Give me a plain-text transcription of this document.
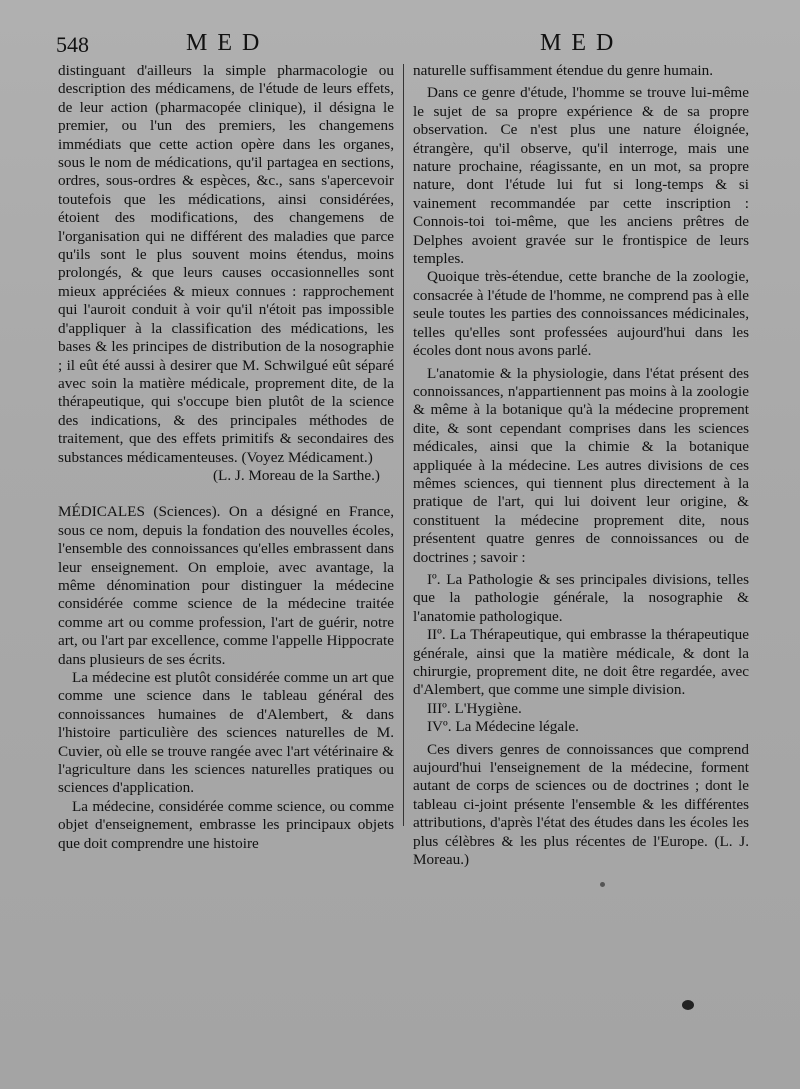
548	MED	MED

distinguant d'ailleurs la simple pharmacologie ou description des médicamens, de l'étude de leurs effets, de leur action (pharmacopée clinique), il désigna le premier, ou l'un des premiers, les changemens immédiats que cette action opère dans les organes, sous le nom de médications, qu'il partagea en sections, ordres, sous-ordres & espèces, &c., sans s'apercevoir toutefois que les médications, ainsi considérées, étoient des modifications, des changemens de l'organisation qui ne différent des maladies que parce qu'ils sont le plus souvent moins étendus, moins prolongés, & que leurs causes occasionnelles sont mieux appréciées & mieux connues : rapprochement qui l'auroit conduit à voir qu'il n'étoit pas impossible d'appliquer à la classification des médications, les bases & les principes de distribution de la nosographie ; il eût été aussi à desirer que M. Schwilgué eût séparé avec soin la matière médicale, proprement dite, de la thérapeutique, qui s'occupe bien plutôt de la science des indications, & des principales méthodes de traitement, que des effets primitifs & secondaires des substances médicamenteuses. (Voyez Médicament.)

(L. J. Moreau de la Sarthe.)

MÉDICALES (Sciences). On a désigné en France, sous ce nom, depuis la fondation des nouvelles écoles, l'ensemble des connoissances qu'elles embrassent dans leur enseignement. On emploie, avec avantage, la même dénomination pour distinguer la médecine considérée comme science de la médecine traitée comme art ou comme profession, l'art de guérir, notre art, ou l'art par excellence, comme l'appelle Hippocrate dans plusieurs de ses écrits.

La médecine est plutôt considérée comme un art que comme une science dans le tableau général des connoissances humaines de d'Alembert, & dans l'histoire particulière des sciences naturelles de M. Cuvier, où elle se trouve rangée avec l'art vétérinaire & l'agriculture dans les sciences naturelles pratiques ou sciences d'application.

La médecine, considérée comme science, ou comme objet d'enseignement, embrasse les principaux objets que doit comprendre une histoire

naturelle suffisamment étendue du genre humain.

Dans ce genre d'étude, l'homme se trouve lui-même le sujet de sa propre expérience & de sa propre observation. Ce n'est plus une nature éloignée, étrangère, qu'il observe, qu'il interroge, mais une nature prochaine, réagissante, en un mot, sa propre nature, dont l'étude lui fut si long-temps & si vainement recommandée par cette inscription : Connois-toi toi-même, que les anciens prêtres de Delphes avoient gravée sur le frontispice de leurs temples.

Quoique très-étendue, cette branche de la zoologie, consacrée à l'étude de l'homme, ne comprend pas à elle seule toutes les parties des connoissances médicinales, telles qu'elles sont professées aujourd'hui dans les écoles dont nous avons parlé.

L'anatomie & la physiologie, dans l'état présent des connoissances, n'appartiennent pas moins à la zoologie & même à la botanique qu'à la médecine proprement dite, & sont cependant comprises dans les sciences médicales, ainsi que la chimie & la botanique appliquée à la médecine. Les autres divisions de ces mêmes sciences, qui tiennent plus directement à la pratique de l'art, qui lui doivent leur origine, & constituent la médecine proprement dite, nous présentent quatre genres de connoissances ou de doctrines ; savoir :

Iº. La Pathologie & ses principales divisions, telles que la pathologie générale, la nosographie & l'anatomie pathologique.

IIº. La Thérapeutique, qui embrasse la thérapeutique générale, ainsi que la matière médicale, & dont la chirurgie, proprement dite, ne doit être regardée, avec d'Alembert, que comme une simple division.

IIIº. L'Hygiène.

IVº. La Médecine légale.

Ces divers genres de connoissances que comprend aujourd'hui l'enseignement de la médecine, forment autant de corps de sciences ou de doctrines ; dont le tableau ci-joint présente l'ensemble & les différentes attributions, d'après l'état des études dans les écoles les plus célèbres & les plus récentes de l'Europe. (L. J. Moreau.)
